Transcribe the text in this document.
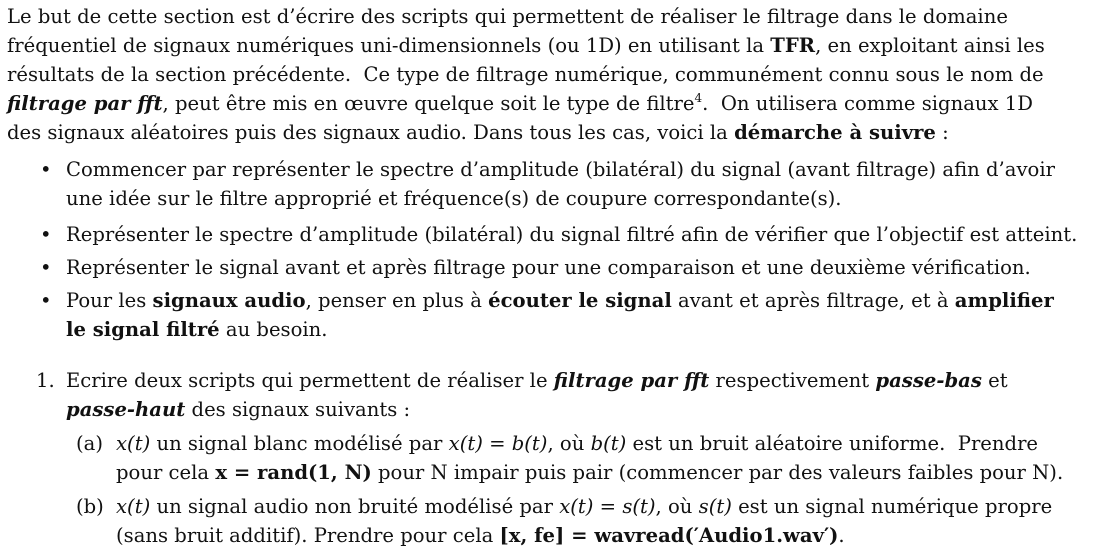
Le but de cette section est d’écrire des scripts qui permettent de réaliser le filtrage dans le domaine
fréquentiel de signaux numériques uni-dimensionnels (ou 1D) en utilisant la TFR, en exploitant ainsi les
résultats de la section précédente.  Ce type de filtrage numérique, communément connu sous le nom de
filtrage par fft, peut être mis en œuvre quelque soit le type de filtre$^4$.  On utilisera comme signaux 1D
des signaux aléatoires puis des signaux audio. Dans tous les cas, voici la démarche à suivre :
• Commencer par représenter le spectre d’amplitude (bilatéral) du signal (avant filtrage) afin d’avoir
une idée sur le filtre approprié et fréquence(s) de coupure correspondante(s).
• Représenter le spectre d’amplitude (bilatéral) du signal filtré afin de vérifier que l’objectif est atteint.
• Représenter le signal avant et après filtrage pour une comparaison et une deuxième vérification.
• Pour les signaux audio, penser en plus à écouter le signal avant et après filtrage, et à amplifier
le signal filtré au besoin.
1. Ecrire deux scripts qui permettent de réaliser le filtrage par fft respectivement passe-bas et
passe-haut des signaux suivants :
(a) x(t) un signal blanc modélisé par x(t) = b(t), où b(t) est un bruit aléatoire uniforme.  Prendre
pour cela x = rand(1, N) pour N impair puis pair (commencer par des valeurs faibles pour N).
(b) x(t) un signal audio non bruité modélisé par x(t) = s(t), où s(t) est un signal numérique propre
(sans bruit additif). Prendre pour cela [x, fe] = wavread(′Audio1.wav′).
